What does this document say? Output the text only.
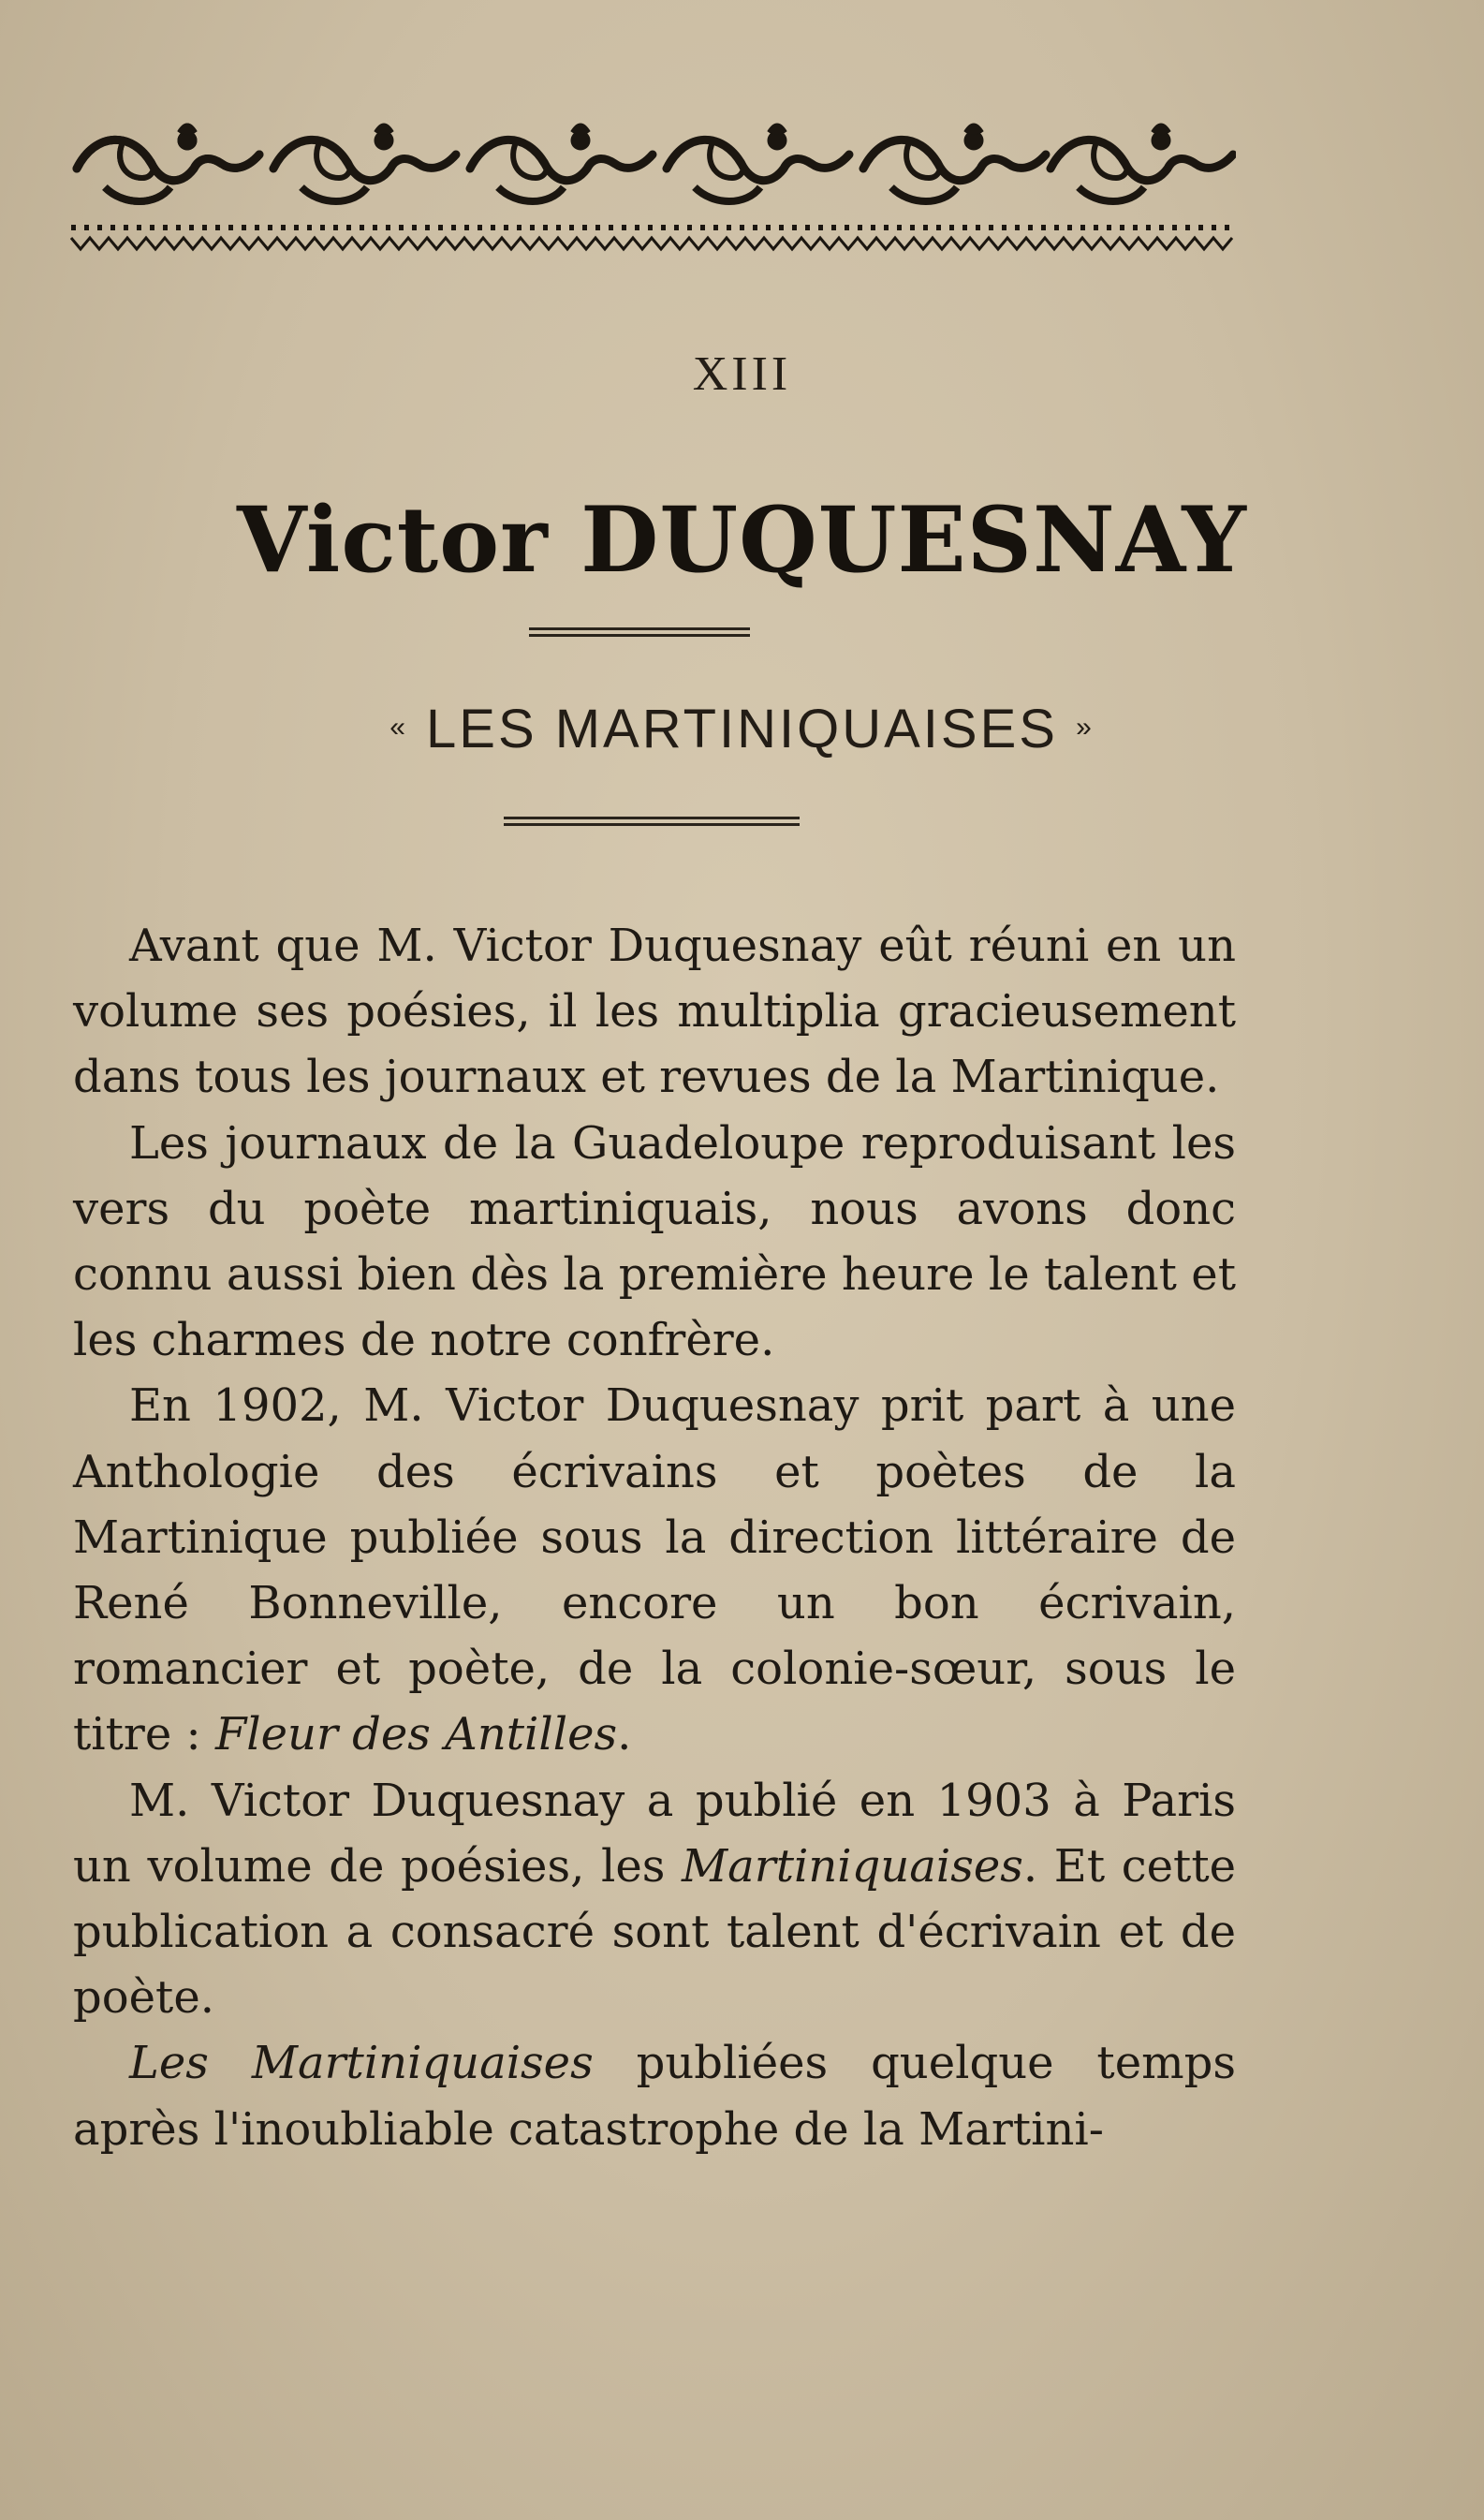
XIII
Victor DUQUESNAY
« LES MARTINIQUAISES »

Avant que M. Victor Duquesnay eût réuni en un volume ses poésies, il les multiplia gracieusement dans tous les journaux et revues de la Martinique.

Les journaux de la Guadeloupe reproduisant les vers du poète martiniquais, nous avons donc connu aussi bien dès la première heure le talent et les charmes de notre confrère.

En 1902, M. Victor Duquesnay prit part à une Anthologie des écrivains et poètes de la Martinique publiée sous la direction littéraire de René Bonneville, encore un bon écrivain, romancier et poète, de la colonie-sœur, sous le titre : Fleur des Antilles.

M. Victor Duquesnay a publié en 1903 à Paris un volume de poésies, les Martiniquaises. Et cette publication a consacré sont talent d'écrivain et de poète.

Les Martiniquaises publiées quelque temps après l'inoubliable catastrophe de la Martini-
